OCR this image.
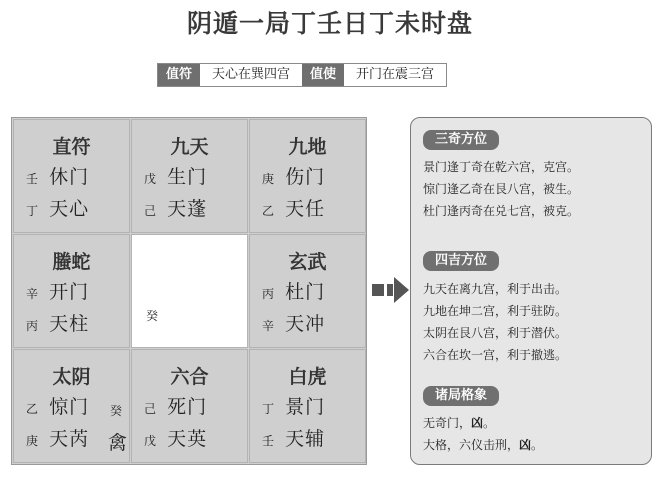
阴遁一局丁壬日丁未时盘
值符	天心在巽四宫	值使	开门在震三宫
直符
壬 休门
丁 天心
九天
戊 生门
己 天蓬
九地
庚 伤门
乙 天任
螣蛇
辛 开门
丙 天柱	癸
玄武
丙 杜门
辛 天冲
太阴
乙 惊门 癸
庚 天芮 禽
六合
己 死门
戊 天英
白虎
丁 景门
壬 天辅
三奇方位
景门逢丁奇在乾六宫，克宫。
惊门逢乙奇在艮八宫，被生。
杜门逢丙奇在兑七宫，被克。
四吉方位
九天在离九宫，利于出击。
九地在坤二宫，利于驻防。
太阴在艮八宫，利于潜伏。
六合在坎一宫，利于撤逃。
诸局格象
无奇门，凶。
大格，六仪击刑，凶。
